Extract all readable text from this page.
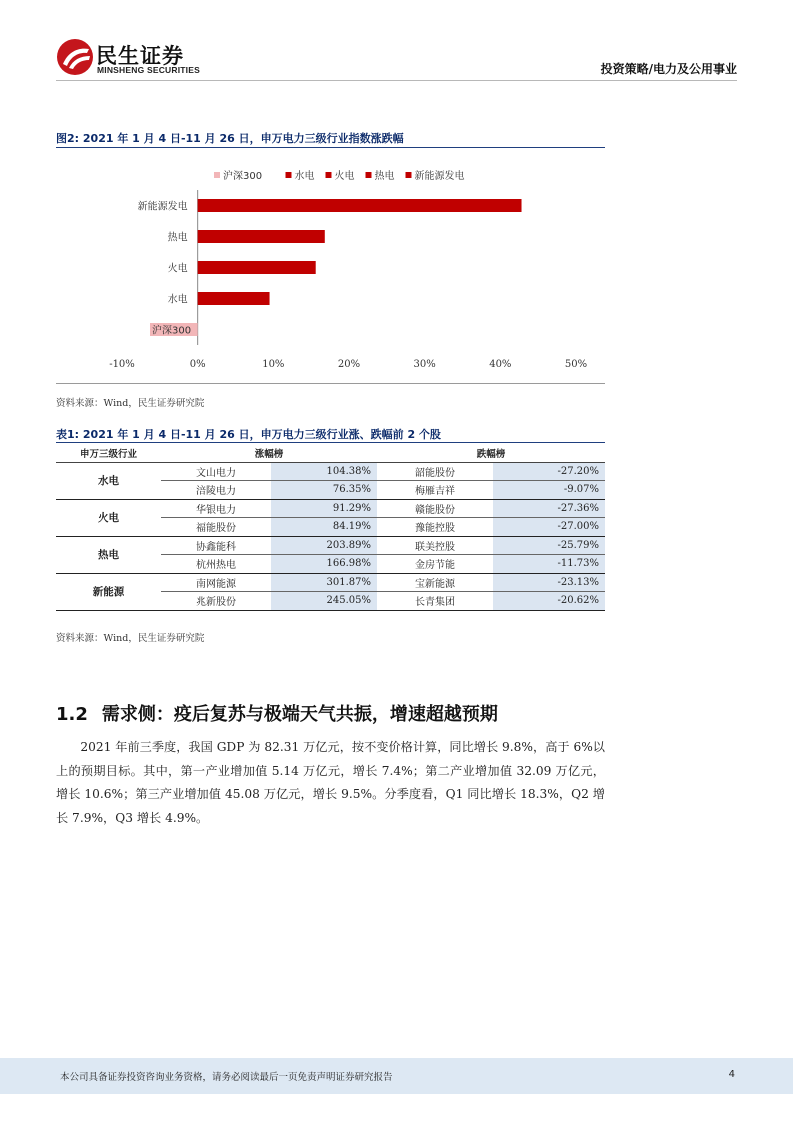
民生证券
MINSHENG SECURITIES	投资策略/电力及公用事业
图2: 2021 年 1 月 4 日-11 月 26 日，申万电力三级行业指数涨跌幅
沪深300	水电 火电 热电 新能源发电
新能源发电
热电
火电
水电
沪深300
-10%	0%	10%	20%	30%	40%	50%
资料来源：Wind，民生证券研究院
表1: 2021 年 1 月 4 日-11 月 26 日，申万电力三级行业涨、跌幅前 2 个股
申万三级行业	涨幅榜		跌幅榜	
水电	文山电力	104.38%	韶能股份	-27.20%
	涪陵电力	76.35%	梅雁吉祥	-9.07%
火电	华银电力	91.29%	赣能股份	-27.36%
	福能股份	84.19%	豫能控股	-27.00%
热电	协鑫能科	203.89%	联美控股	-25.79%
	杭州热电	166.98%	金房节能	-11.73%
新能源	南网能源	301.87%	宝新能源	-23.13%
	兆新股份	245.05%	长青集团	-20.62%
资料来源：Wind，民生证券研究院
1.2 需求侧：疫后复苏与极端天气共振，增速超越预期

2021 年前三季度，我国 GDP 为 82.31 万亿元，按不变价格计算，同比增长 9.8%，高于 6%以上的预期目标。其中，第一产业增加值 5.14 万亿元，增长 7.4%；第二产业增加值 32.09 万亿元，增长 10.6%；第三产业增加值 45.08 万亿元，增长 9.5%。分季度看，Q1 同比增长 18.3%，Q2 增长 7.9%，Q3 增长 4.9%。

本公司具备证券投资咨询业务资格，请务必阅读最后一页免责声明证券研究报告	4
